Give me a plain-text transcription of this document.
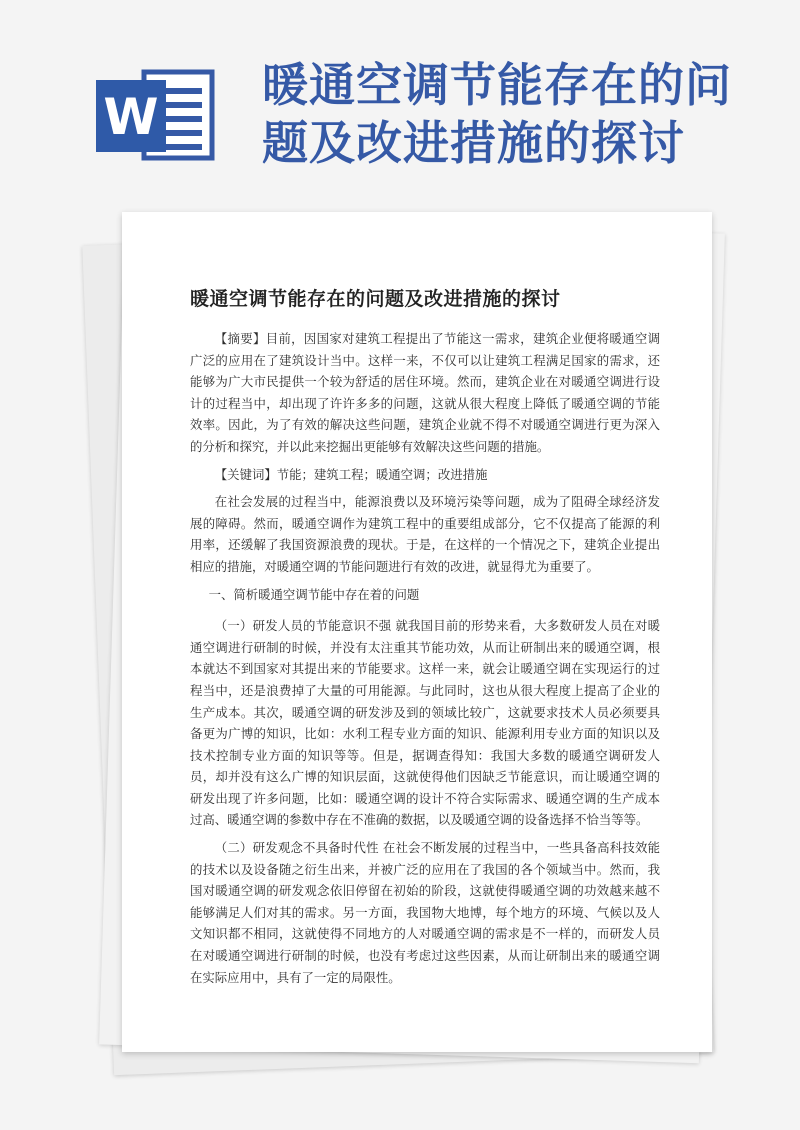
W
暖通空调节能存在的问题及改进措施的探讨
暖通空调节能存在的问题及改进措施的探讨

【摘要】目前，因国家对建筑工程提出了节能这一需求，建筑企业便将暖通空调广泛的应用在了建筑设计当中。这样一来，不仅可以让建筑工程满足国家的需求，还能够为广大市民提供一个较为舒适的居住环境。然而，建筑企业在对暖通空调进行设计的过程当中，却出现了许许多多的问题，这就从很大程度上降低了暖通空调的节能效率。因此，为了有效的解决这些问题，建筑企业就不得不对暖通空调进行更为深入的分析和探究，并以此来挖掘出更能够有效解决这些问题的措施。

【关键词】节能；建筑工程；暖通空调；改进措施

在社会发展的过程当中，能源浪费以及环境污染等问题，成为了阻碍全球经济发展的障碍。然而，暖通空调作为建筑工程中的重要组成部分，它不仅提高了能源的利用率，还缓解了我国资源浪费的现状。于是，在这样的一个情况之下，建筑企业提出相应的措施，对暖通空调的节能问题进行有效的改进，就显得尤为重要了。

一、简析暖通空调节能中存在着的问题

（一）研发人员的节能意识不强 就我国目前的形势来看，大多数研发人员在对暖通空调进行研制的时候，并没有太注重其节能功效，从而让研制出来的暖通空调，根本就达不到国家对其提出来的节能要求。这样一来，就会让暖通空调在实现运行的过程当中，还是浪费掉了大量的可用能源。与此同时，这也从很大程度上提高了企业的生产成本。其次，暖通空调的研发涉及到的领域比较广，这就要求技术人员必须要具备更为广博的知识，比如：水利工程专业方面的知识、能源利用专业方面的知识以及技术控制专业方面的知识等等。但是，据调查得知：我国大多数的暖通空调研发人员，却并没有这么广博的知识层面，这就使得他们因缺乏节能意识，而让暖通空调的研发出现了许多问题，比如：暖通空调的设计不符合实际需求、暖通空调的生产成本过高、暖通空调的参数中存在不准确的数据，以及暖通空调的设备选择不恰当等等。

（二）研发观念不具备时代性 在社会不断发展的过程当中，一些具备高科技效能的技术以及设备随之衍生出来，并被广泛的应用在了我国的各个领域当中。然而，我国对暖通空调的研发观念依旧停留在初始的阶段，这就使得暖通空调的功效越来越不能够满足人们对其的需求。另一方面，我国物大地博，每个地方的环境、气候以及人文知识都不相同，这就使得不同地方的人对暖通空调的需求是不一样的，而研发人员在对暖通空调进行研制的时候，也没有考虑过这些因素，从而让研制出来的暖通空调在实际应用中，具有了一定的局限性。
